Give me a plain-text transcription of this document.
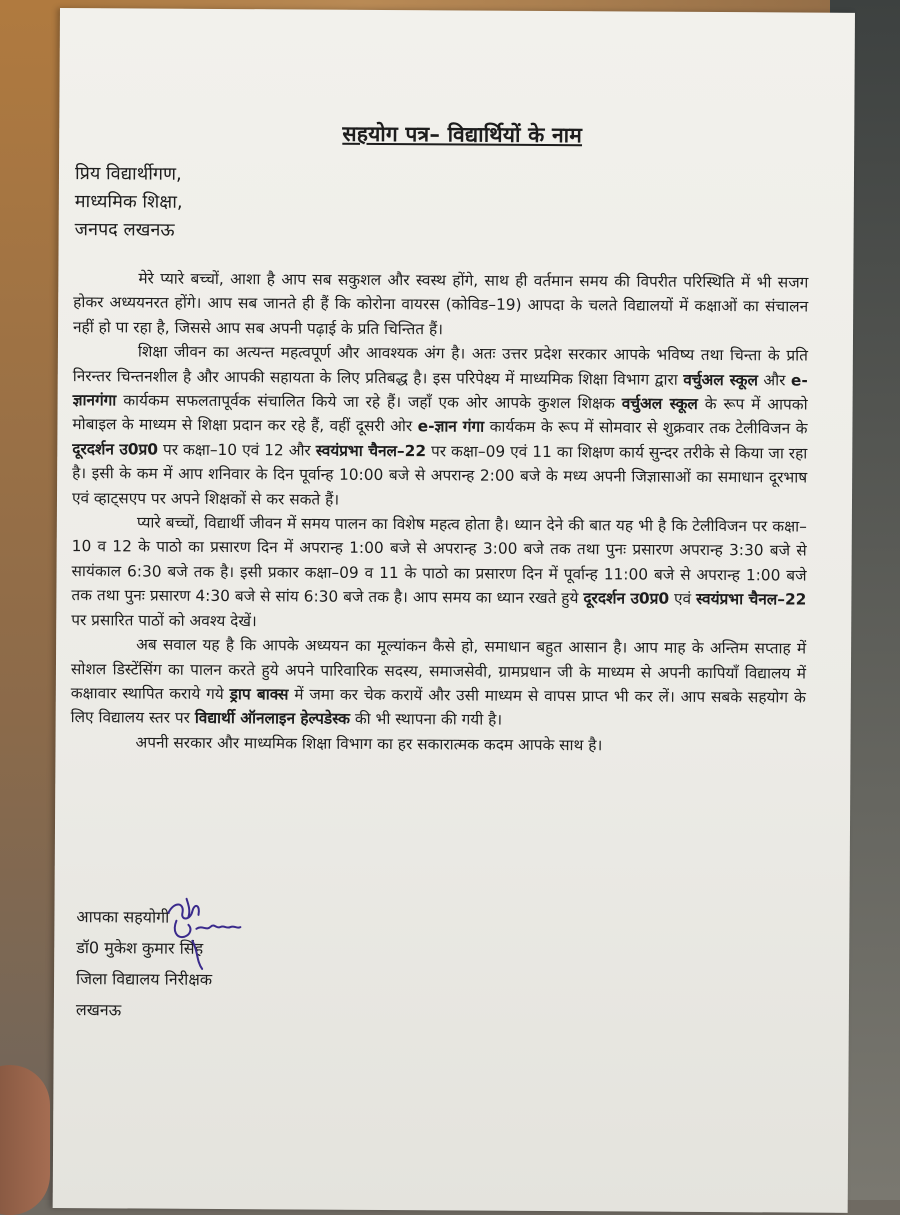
सहयोग पत्र– विद्यार्थियों के नाम
प्रिय विद्यार्थीगण,
माध्यमिक शिक्षा,
जनपद लखनऊ

मेरे प्यारे बच्चों, आशा है आप सब सकुशल और स्वस्थ होंगे, साथ ही वर्तमान समय की विपरीत परिस्थिति में भी सजग होकर अध्ययनरत होंगे। आप सब जानते ही हैं कि कोरोना वायरस (कोविड–19) आपदा के चलते विद्यालयों में कक्षाओं का संचालन नहीं हो पा रहा है, जिससे आप सब अपनी पढ़ाई के प्रति चिन्तित हैं।

शिक्षा जीवन का अत्यन्त महत्वपूर्ण और आवश्यक अंग है। अतः उत्तर प्रदेश सरकार आपके भविष्य तथा चिन्ता के प्रति निरन्तर चिन्तनशील है और आपकी सहायता के लिए प्रतिबद्ध है। इस परिपेक्ष्य में माध्यमिक शिक्षा विभाग द्वारा वर्चुअल स्कूल और e-ज्ञानगंगा कार्यकम सफलतापूर्वक संचालित किये जा रहे हैं। जहाँ एक ओर आपके कुशल शिक्षक वर्चुअल स्कूल के रूप में आपको मोबाइल के माध्यम से शिक्षा प्रदान कर रहे हैं, वहीं दूसरी ओर e-ज्ञान गंगा कार्यकम के रूप में सोमवार से शुक्रवार तक टेलीविजन के दूरदर्शन उ0प्र0 पर कक्षा–10 एवं 12 और स्वयंप्रभा चैनल–22 पर कक्षा–09 एवं 11 का शिक्षण कार्य सुन्दर तरीके से किया जा रहा है। इसी के कम में आप शनिवार के दिन पूर्वान्ह 10:00 बजे से अपरान्ह 2:00 बजे के मध्य अपनी जिज्ञासाओं का समाधान दूरभाष एवं व्हाट्सएप पर अपने शिक्षकों से कर सकते हैं।

प्यारे बच्चों, विद्यार्थी जीवन में समय पालन का विशेष महत्व होता है। ध्यान देने की बात यह भी है कि टेलीविजन पर कक्षा–10 व 12 के पाठो का प्रसारण दिन में अपरान्ह 1:00 बजे से अपरान्ह 3:00 बजे तक तथा पुनः प्रसारण अपरान्ह 3:30 बजे से सायंकाल 6:30 बजे तक है। इसी प्रकार कक्षा–09 व 11 के पाठो का प्रसारण दिन में पूर्वान्ह 11:00 बजे से अपरान्ह 1:00 बजे तक तथा पुनः प्रसारण 4:30 बजे से सांय 6:30 बजे तक है। आप समय का ध्यान रखते हुये दूरदर्शन उ0प्र0 एवं स्वयंप्रभा चैनल–22 पर प्रसारित पाठों को अवश्य देखें।

अब सवाल यह है कि आपके अध्ययन का मूल्यांकन कैसे हो, समाधान बहुत आसान है। आप माह के अन्तिम सप्ताह में सोशल डिस्टेंसिंग का पालन करते हुये अपने पारिवारिक सदस्य, समाजसेवी, ग्रामप्रधान जी के माध्यम से अपनी कापियाँ विद्यालय में कक्षावार स्थापित कराये गये ड्राप बाक्स में जमा कर चेक करायें और उसी माध्यम से वापस प्राप्त भी कर लें। आप सबके सहयोग के लिए विद्यालय स्तर पर विद्यार्थी ऑनलाइन हेल्पडेस्क की भी स्थापना की गयी है।

अपनी सरकार और माध्यमिक शिक्षा विभाग का हर सकारात्मक कदम आपके साथ है।

आपका सहयोगी
डॉ0 मुकेश कुमार सिंह
जिला विद्यालय निरीक्षक
लखनऊ
